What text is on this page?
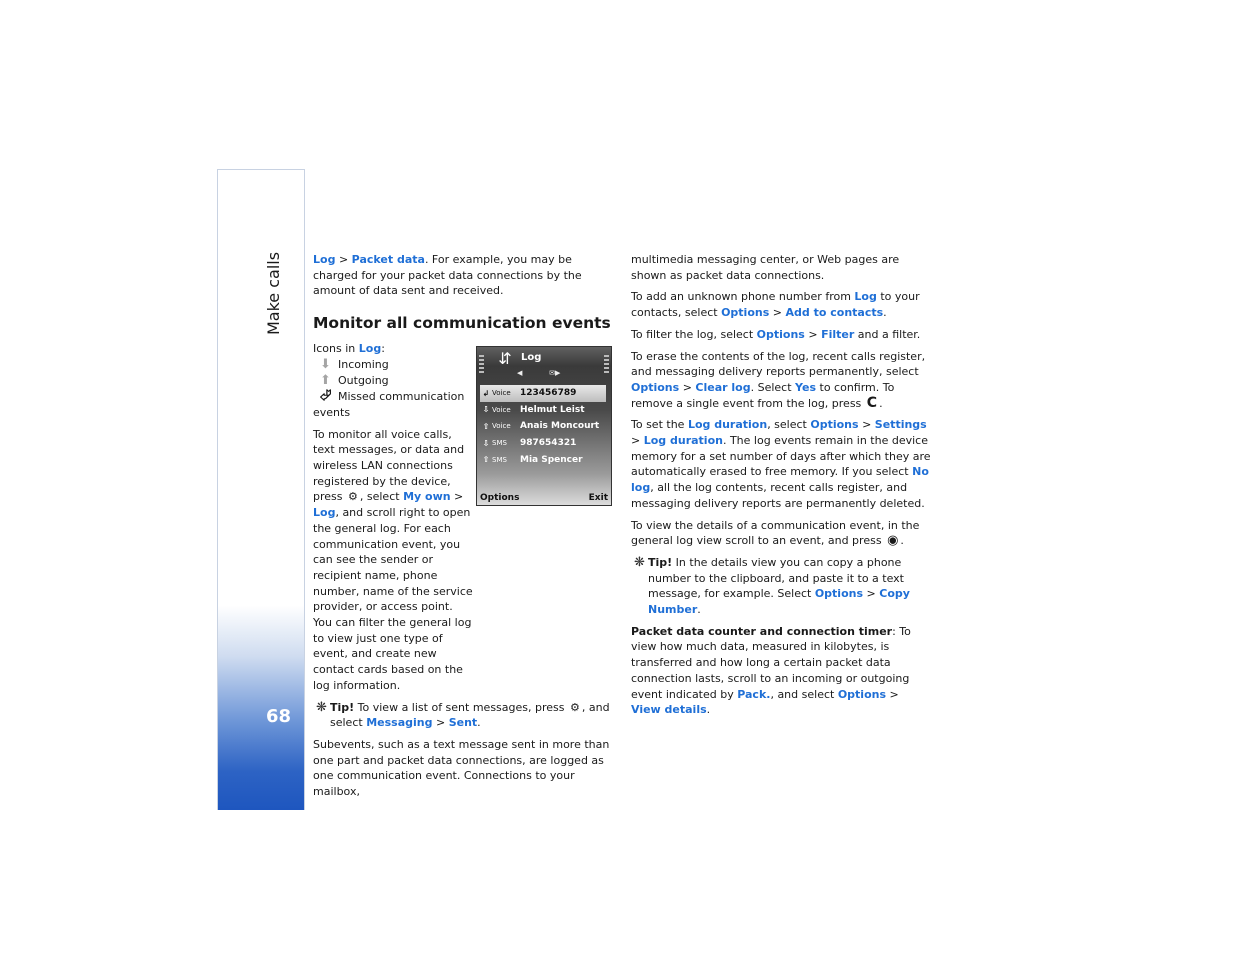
Make calls
68

Log > Packet data. For example, you may be charged for your packet data connections by the amount of data sent and received.

Monitor all communication events
Icons in Log:
⬇ Incoming
⬆ Outgoing
⮰ Missed communication events

To monitor all voice calls, text messages, or data and wireless LAN connections registered by the device, press ⚙ , select My own > Log, and scroll right to open the general log. For each communication event, you can see the sender or recipient name, phone number, name of the service provider, or access point. You can filter the general log to view just one type of event, and create new contact cards based on the log information.

❋ Tip! To view a list of sent messages, press ⚙ , and select Messaging > Sent.

Subevents, such as a text message sent in more than one part and packet data connections, are logged as one communication event. Connections to your mailbox,

⇵ Log
◀            ✉▶
↲ Voice	123456789
⇩ Voice	Helmut Leist
⇧ Voice	Anais Moncourt
⇩ SMS	987654321
⇧ SMS	Mia Spencer
Options	Exit

multimedia messaging center, or Web pages are shown as packet data connections.

To add an unknown phone number from Log to your contacts, select Options > Add to contacts.

To filter the log, select Options > Filter and a filter.

To erase the contents of the log, recent calls register, and messaging delivery reports permanently, select Options > Clear log. Select Yes to confirm. To remove a single event from the log, press C .

To set the Log duration, select Options > Settings > Log duration. The log events remain in the device memory for a set number of days after which they are automatically erased to free memory. If you select No log, all the log contents, recent calls register, and messaging delivery reports are permanently deleted.

To view the details of a communication event, in the general log view scroll to an event, and press ◉ .

❋ Tip! In the details view you can copy a phone number to the clipboard, and paste it to a text message, for example. Select Options > Copy Number.

Packet data counter and connection timer: To view how much data, measured in kilobytes, is transferred and how long a certain packet data connection lasts, scroll to an incoming or outgoing event indicated by Pack., and select Options > View details.
